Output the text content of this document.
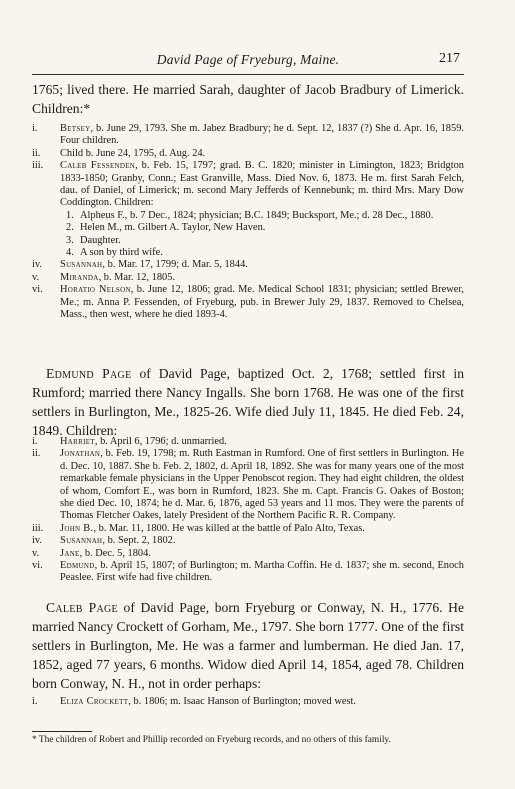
David Page of Fryeburg, Maine.	217
1765; lived there. He married Sarah, daughter of Jacob Bradbury of Limerick. Children:*
i.	Betsey, b. June 29, 1793. She m. Jabez Bradbury; he d. Sept. 12, 1837 (?) She d. Apr. 16, 1859. Four children.
ii.	Child b. June 24, 1795, d. Aug. 24.
iii.	Caleb Fessenden, b. Feb. 15, 1797; grad. B. C. 1820; minister in Limington, 1823; Bridgton 1833-1850; Granby, Conn.; East Granville, Mass. Died Nov. 6, 1873. He m. first Sarah Felch, dau. of Daniel, of Limerick; m. second Mary Jefferds of Kennebunk; m. third Mrs. Mary Dow Coddington. Children:
1. Alpheus F., b. 7 Dec., 1824; physician; B.C. 1849; Bucksport, Me.; d. 28 Dec., 1880.
2. Helen M., m. Gilbert A. Taylor, New Haven.
3. Daughter.
4. A son by third wife.
iv.	Susannah, b. Mar. 17, 1799; d. Mar. 5, 1844.
v.	Miranda, b. Mar. 12, 1805.
vi.	Horatio Nelson, b. June 12, 1806; grad. Me. Medical School 1831; physician; settled Brewer, Me.; m. Anna P. Fessenden, of Fryeburg, pub. in Brewer July 29, 1837. Removed to Chelsea, Mass., then west, where he died 1893-4.
Edmund Page of David Page, baptized Oct. 2, 1768; settled first in Rumford; married there Nancy Ingalls. She born 1768. He was one of the first settlers in Burlington, Me., 1825-26. Wife died July 11, 1845. He died Feb. 24, 1849. Children:
i.	Harriet, b. April 6, 1796; d. unmarried.
ii.	Jonathan, b. Feb. 19, 1798; m. Ruth Eastman in Rumford. One of first settlers in Burlington. He d. Dec. 10, 1887. She b. Feb. 2, 1802, d. April 18, 1892. She was for many years one of the most remarkable female physicians in the Upper Penobscot region. They had eight children, the oldest of whom, Comfort E., was born in Rumford, 1823. She m. Capt. Francis G. Oakes of Boston; she died Dec. 10, 1874; he d. Mar. 6, 1876, aged 53 years and 11 mos. They were the parents of Thomas Fletcher Oakes, lately President of the Northern Pacific R. R. Company.
iii.	John B., b. Mar. 11, 1800. He was killed at the battle of Palo Alto, Texas.
iv.	Susannah, b. Sept. 2, 1802.
v.	Jane, b. Dec. 5, 1804.
vi.	Edmund, b. April 15, 1807; of Burlington; m. Martha Coffin. He d. 1837; she m. second, Enoch Peaslee. First wife had five children.
Caleb Page of David Page, born Fryeburg or Conway, N. H., 1776. He married Nancy Crockett of Gorham, Me., 1797. She born 1777. One of the first settlers in Burlington, Me. He was a farmer and lumberman. He died Jan. 17, 1852, aged 77 years, 6 months. Widow died April 14, 1854, aged 78. Children born Conway, N. H., not in order perhaps:
i.	Eliza Crockett, b. 1806; m. Isaac Hanson of Burlington; moved west.
* The children of Robert and Phillip recorded on Fryeburg records, and no others of this family.
